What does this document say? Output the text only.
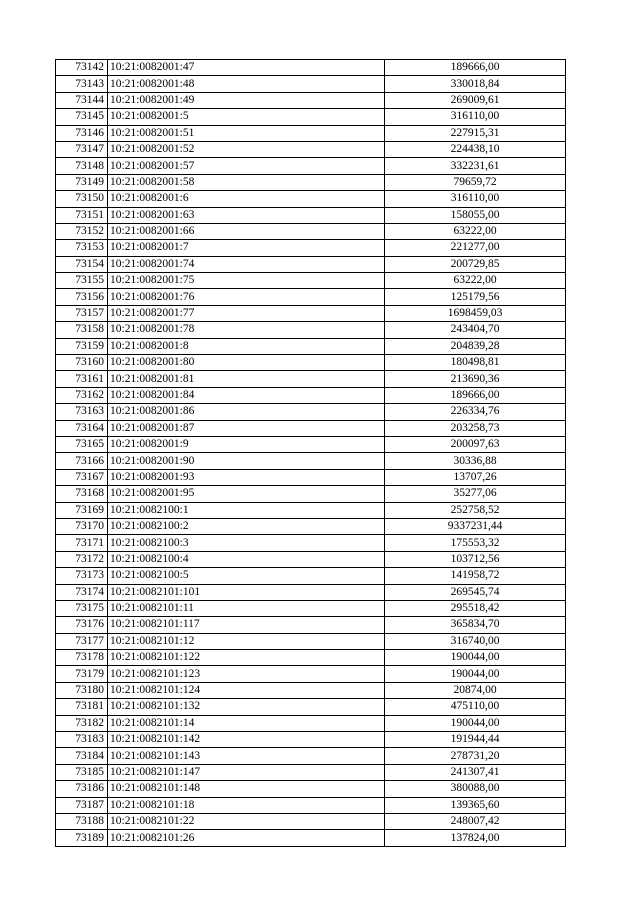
73142	10:21:0082001:47	189666,00
73143	10:21:0082001:48	330018,84
73144	10:21:0082001:49	269009,61
73145	10:21:0082001:5	316110,00
73146	10:21:0082001:51	227915,31
73147	10:21:0082001:52	224438,10
73148	10:21:0082001:57	332231,61
73149	10:21:0082001:58	79659,72
73150	10:21:0082001:6	316110,00
73151	10:21:0082001:63	158055,00
73152	10:21:0082001:66	63222,00
73153	10:21:0082001:7	221277,00
73154	10:21:0082001:74	200729,85
73155	10:21:0082001:75	63222,00
73156	10:21:0082001:76	125179,56
73157	10:21:0082001:77	1698459,03
73158	10:21:0082001:78	243404,70
73159	10:21:0082001:8	204839,28
73160	10:21:0082001:80	180498,81
73161	10:21:0082001:81	213690,36
73162	10:21:0082001:84	189666,00
73163	10:21:0082001:86	226334,76
73164	10:21:0082001:87	203258,73
73165	10:21:0082001:9	200097,63
73166	10:21:0082001:90	30336,88
73167	10:21:0082001:93	13707,26
73168	10:21:0082001:95	35277,06
73169	10:21:0082100:1	252758,52
73170	10:21:0082100:2	9337231,44
73171	10:21:0082100:3	175553,32
73172	10:21:0082100:4	103712,56
73173	10:21:0082100:5	141958,72
73174	10:21:0082101:101	269545,74
73175	10:21:0082101:11	295518,42
73176	10:21:0082101:117	365834,70
73177	10:21:0082101:12	316740,00
73178	10:21:0082101:122	190044,00
73179	10:21:0082101:123	190044,00
73180	10:21:0082101:124	20874,00
73181	10:21:0082101:132	475110,00
73182	10:21:0082101:14	190044,00
73183	10:21:0082101:142	191944,44
73184	10:21:0082101:143	278731,20
73185	10:21:0082101:147	241307,41
73186	10:21:0082101:148	380088,00
73187	10:21:0082101:18	139365,60
73188	10:21:0082101:22	248007,42
73189	10:21:0082101:26	137824,00
